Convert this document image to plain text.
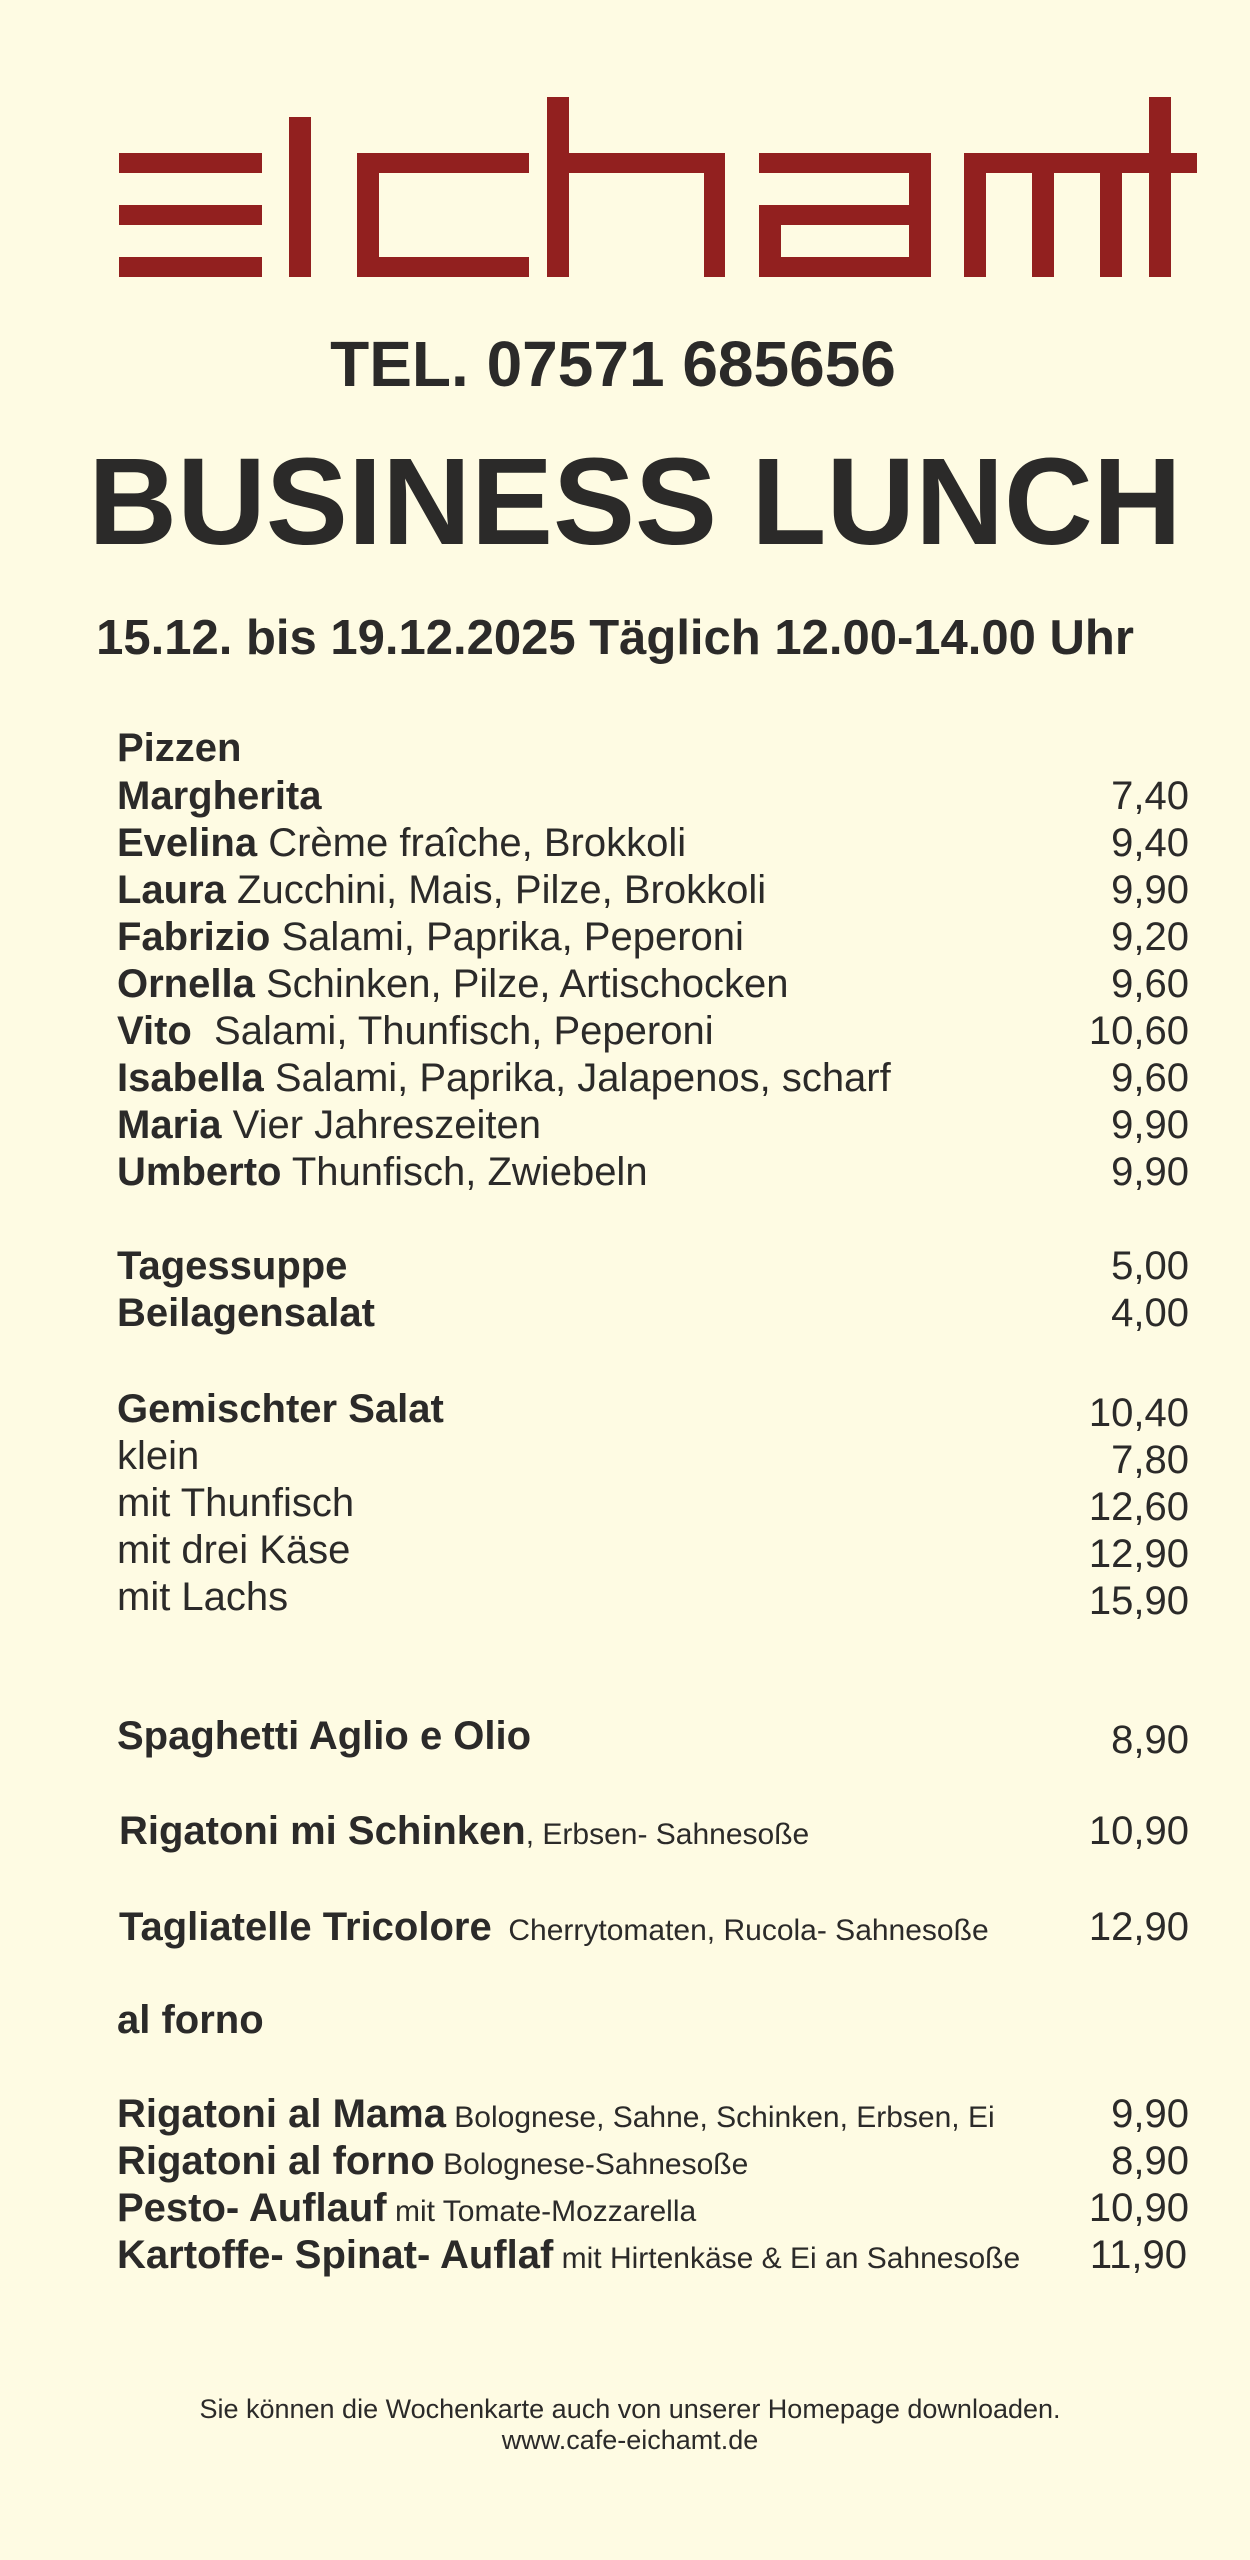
TEL. 07571 685656
BUSINESS LUNCH
15.12. bis 19.12.2025 Täglich 12.00-14.00 Uhr
Pizzen
Margherita	7,40
Evelina Crème fraîche, Brokkoli	9,40
Laura Zucchini, Mais, Pilze, Brokkoli	9,90
Fabrizio Salami, Paprika, Peperoni	9,20
Ornella Schinken, Pilze, Artischocken	9,60
Vito  Salami, Thunfisch, Peperoni	10,60
Isabella Salami, Paprika, Jalapenos, scharf	9,60
Maria Vier Jahreszeiten	9,90
Umberto Thunfisch, Zwiebeln	9,90
Tagessuppe	5,00
Beilagensalat	4,00
Gemischter Salat	10,40
klein	7,80
mit Thunfisch	12,60
mit drei Käse	12,90
mit Lachs	15,90
Spaghetti Aglio e Olio	8,90
Rigatoni mi Schinken, Erbsen- Sahnesoße	10,90
Tagliatelle Tricolore  Cherrytomaten, Rucola- Sahnesoße	12,90
al forno
Rigatoni al Mama Bolognese, Sahne, Schinken, Erbsen, Ei	9,90
Rigatoni al forno Bolognese-Sahnesoße	8,90
Pesto- Auflauf mit Tomate-Mozzarella	10,90
Kartoffe- Spinat- Auflaf mit Hirtenkäse & Ei an Sahnesoße 11,90
Sie können die Wochenkarte auch von unserer Homepage downloaden.
www.cafe-eichamt.de
